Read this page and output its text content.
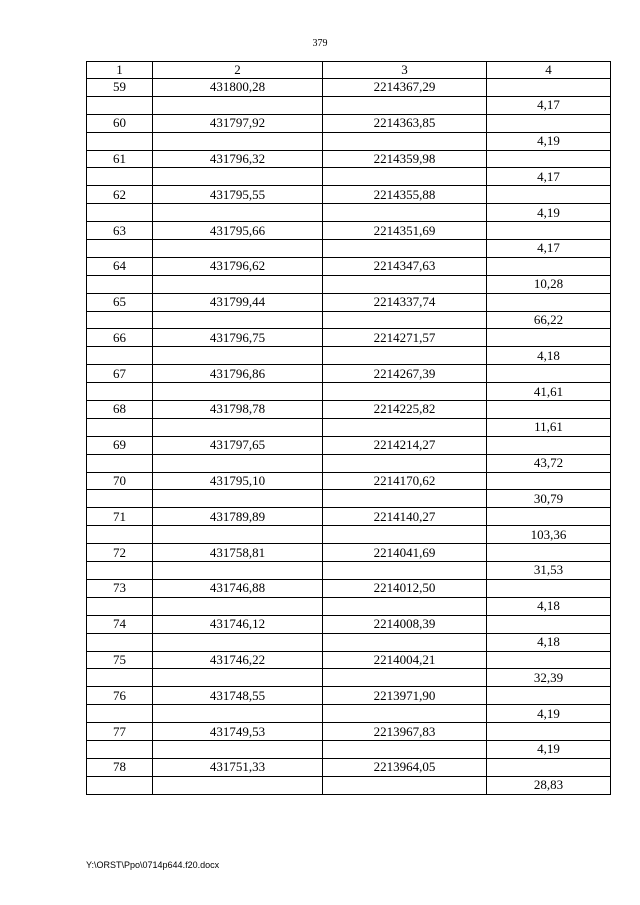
379
1	2	3	4
59	431800,28	2214367,29	
			4,17
60	431797,92	2214363,85	
			4,19
61	431796,32	2214359,98	
			4,17
62	431795,55	2214355,88	
			4,19
63	431795,66	2214351,69	
			4,17
64	431796,62	2214347,63	
			10,28
65	431799,44	2214337,74	
			66,22
66	431796,75	2214271,57	
			4,18
67	431796,86	2214267,39	
			41,61
68	431798,78	2214225,82	
			11,61
69	431797,65	2214214,27	
			43,72
70	431795,10	2214170,62	
			30,79
71	431789,89	2214140,27	
			103,36
72	431758,81	2214041,69	
			31,53
73	431746,88	2214012,50	
			4,18
74	431746,12	2214008,39	
			4,18
75	431746,22	2214004,21	
			32,39
76	431748,55	2213971,90	
			4,19
77	431749,53	2213967,83	
			4,19
78	431751,33	2213964,05	
			28,83
Y:\ORST\Ppo\0714p644.f20.docx
